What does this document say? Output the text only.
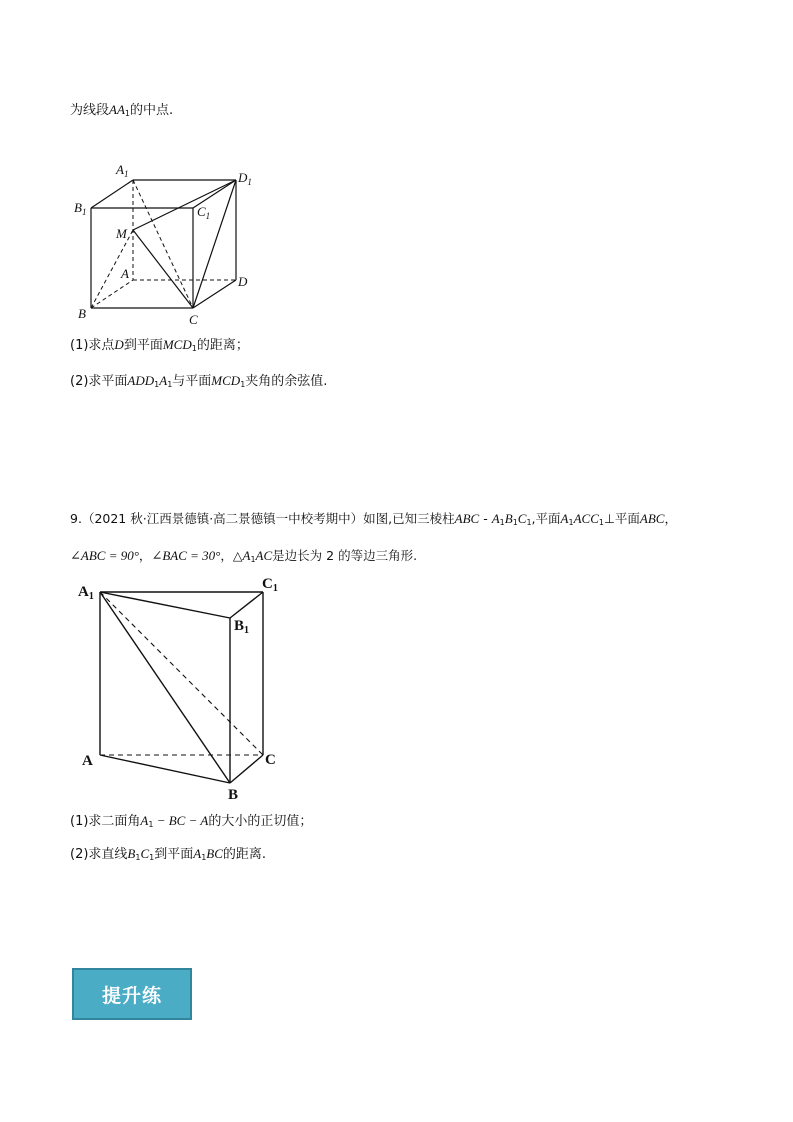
为线段$AA_1$的中点.
$A_1$
$B_1$	$C_1$
$D_1$
M
A
B	C
D
(1)求点D到平面$MCD_1$的距离；
(2)求平面$ADD_1A_1$与平面$MCD_1$夹角的余弦值.
9.（2021 秋·江西景德镇·高二景德镇一中校考期中）如图,已知三棱柱ABC - $A_1B_1C_1$,平面$A_1ACC_1\perp$平面ABC，
∠ABC = 90°，∠BAC = 30°，$\triangle A_1AC$是边长为 2 的等边三角形.
$A_1$
$C_1$
$B_1$
A	C
B
(1)求二面角$A_1$ − BC − A的大小的正切值；
(2)求直线$B_1C_1$到平面$A_1BC$的距离.
提升练
